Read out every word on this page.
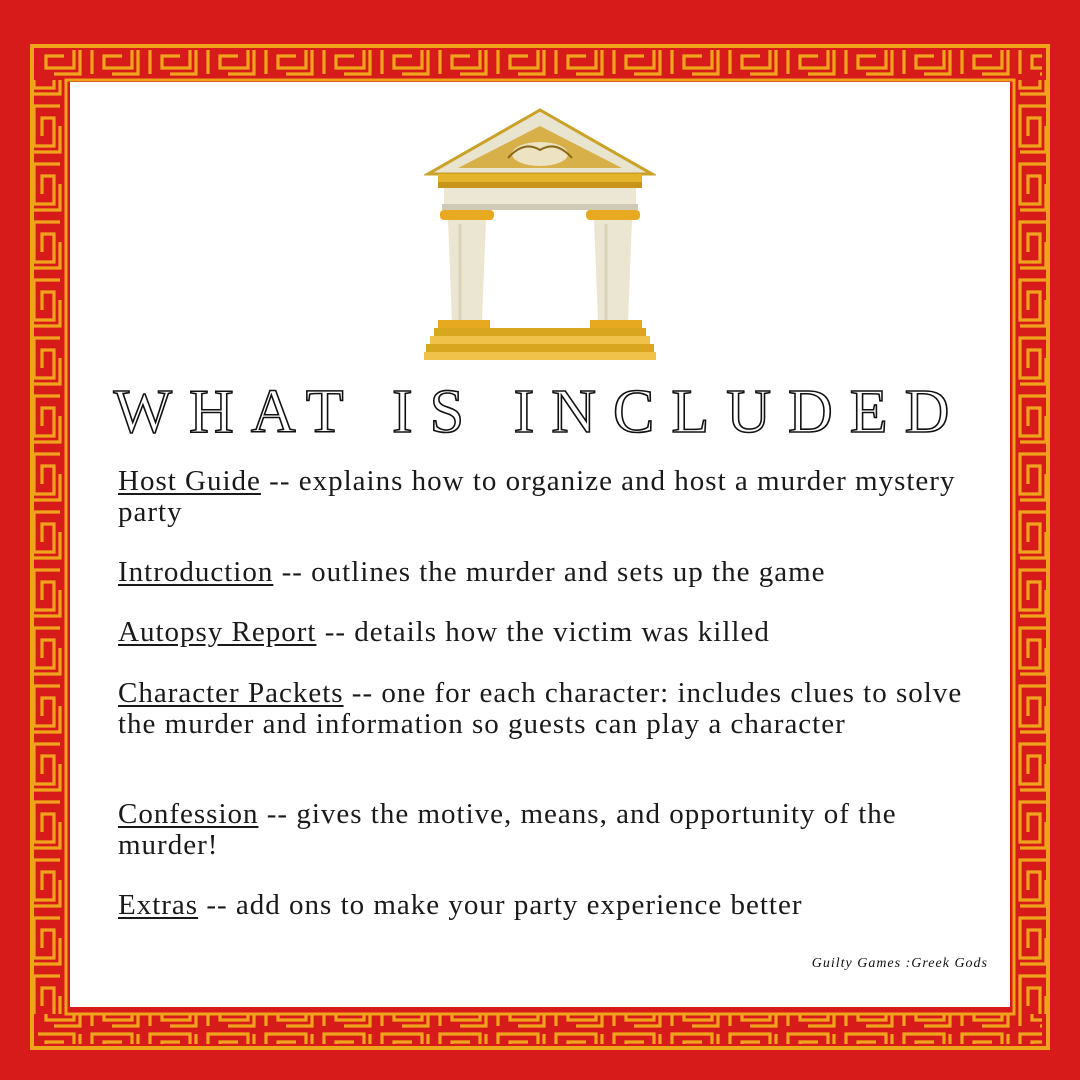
WHAT IS INCLUDED
Host Guide -- explains how to organize and host a murder mystery party
Introduction -- outlines the murder and sets up the game
Autopsy Report -- details how the victim was killed
Character Packets -- one for each character: includes clues to solve the murder and information so guests can play a character
Confession -- gives the motive, means, and opportunity of the murder!
Extras -- add ons to make your party experience better
Guilty Games :Greek Gods
